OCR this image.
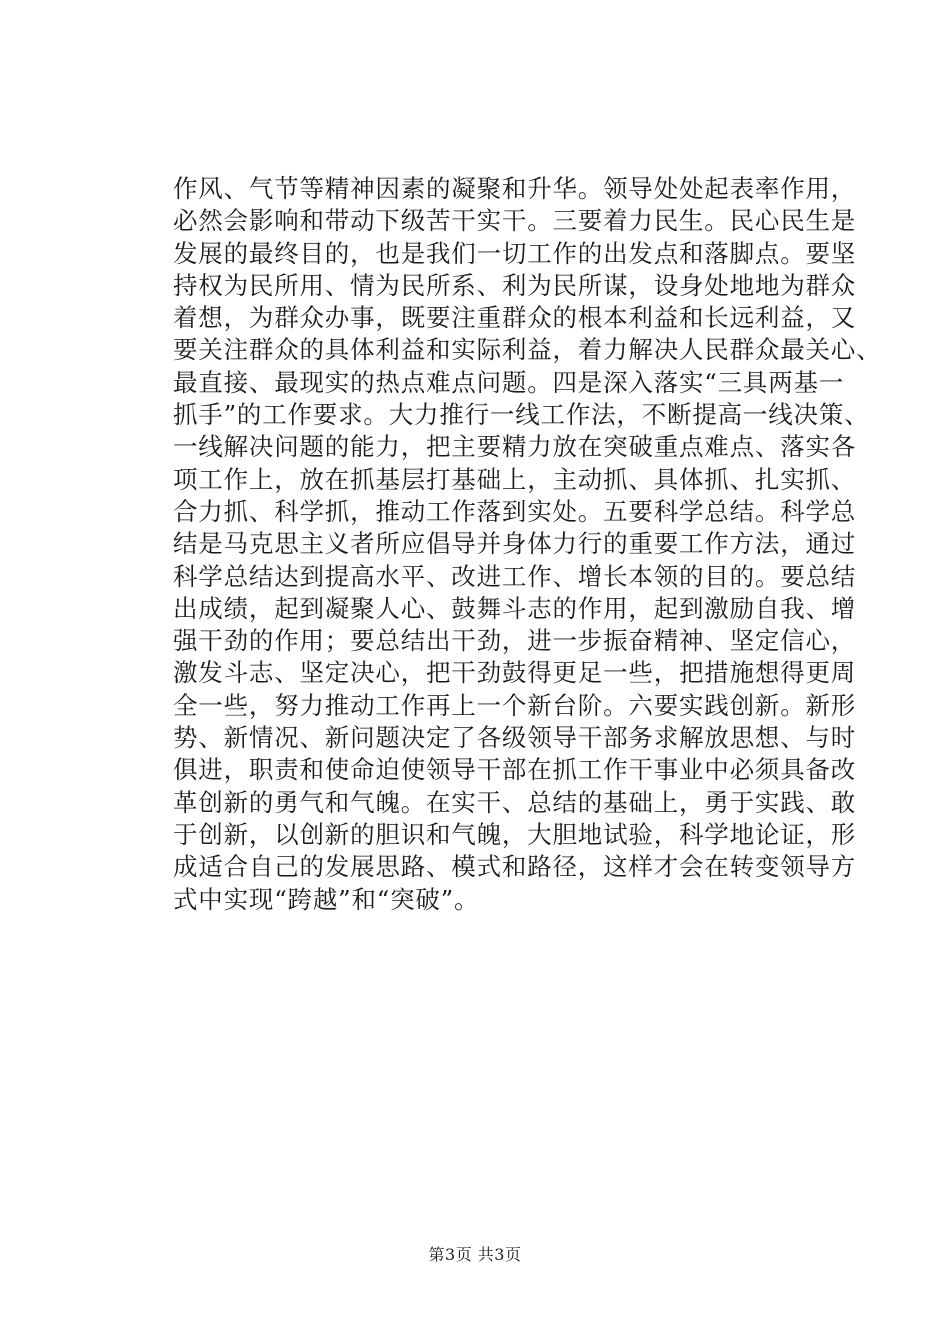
作风、气节等精神因素的凝聚和升华。领导处处起表率作用，
必然会影响和带动下级苦干实干。三要着力民生。民心民生是
发展的最终目的，也是我们一切工作的出发点和落脚点。要坚
持权为民所用、情为民所系、利为民所谋，设身处地地为群众
着想，为群众办事，既要注重群众的根本利益和长远利益，又
要关注群众的具体利益和实际利益，着力解决人民群众最关心、
最直接、最现实的热点难点问题。四是深入落实“三具两基一
抓手”的工作要求。大力推行一线工作法，不断提高一线决策、
一线解决问题的能力，把主要精力放在突破重点难点、落实各
项工作上，放在抓基层打基础上，主动抓、具体抓、扎实抓、
合力抓、科学抓，推动工作落到实处。五要科学总结。科学总
结是马克思主义者所应倡导并身体力行的重要工作方法，通过
科学总结达到提高水平、改进工作、增长本领的目的。要总结
出成绩，起到凝聚人心、鼓舞斗志的作用，起到激励自我、增
强干劲的作用；要总结出干劲，进一步振奋精神、坚定信心，
激发斗志、坚定决心，把干劲鼓得更足一些，把措施想得更周
全一些，努力推动工作再上一个新台阶。六要实践创新。新形
势、新情况、新问题决定了各级领导干部务求解放思想、与时
俱进，职责和使命迫使领导干部在抓工作干事业中必须具备改
革创新的勇气和气魄。在实干、总结的基础上，勇于实践、敢
于创新，以创新的胆识和气魄，大胆地试验，科学地论证，形
成适合自己的发展思路、模式和路径，这样才会在转变领导方
式中实现“跨越”和“突破”。
第3页 共3页
